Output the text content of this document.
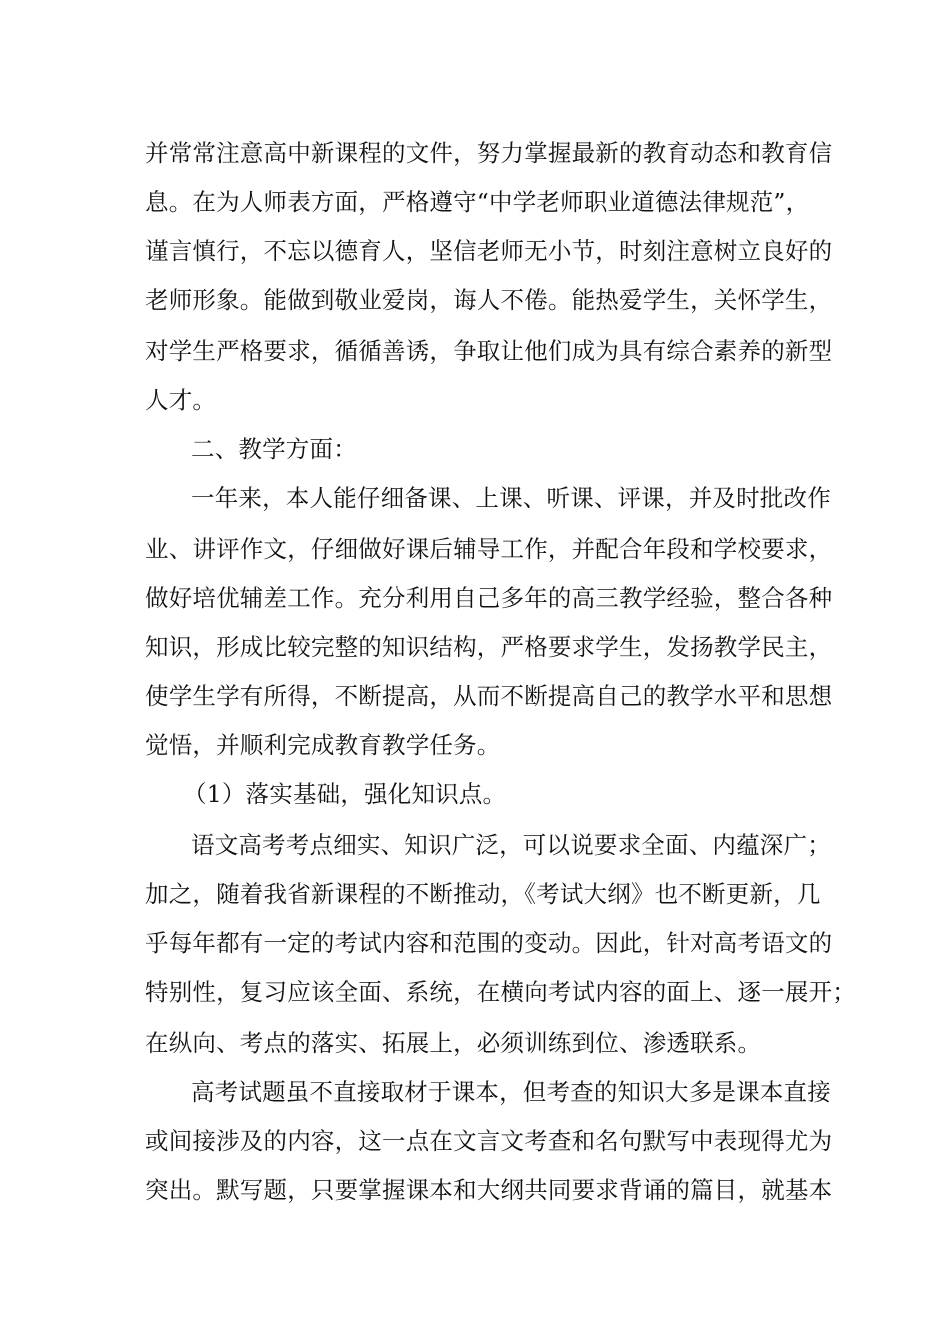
并常常注意高中新课程的文件，努力掌握最新的教育动态和教育信
息。在为人师表方面，严格遵守“中学老师职业道德法律规范”，
谨言慎行，不忘以德育人，坚信老师无小节，时刻注意树立良好的
老师形象。能做到敬业爱岗，诲人不倦。能热爱学生，关怀学生，
对学生严格要求，循循善诱，争取让他们成为具有综合素养的新型
人才。
二、教学方面：
一年来，本人能仔细备课、上课、听课、评课，并及时批改作
业、讲评作文，仔细做好课后辅导工作，并配合年段和学校要求，
做好培优辅差工作。充分利用自己多年的高三教学经验，整合各种
知识，形成比较完整的知识结构，严格要求学生，发扬教学民主，
使学生学有所得，不断提高，从而不断提高自己的教学水平和思想
觉悟，并顺利完成教育教学任务。
（1）落实基础，强化知识点。
语文高考考点细实、知识广泛，可以说要求全面、内蕴深广；
加之，随着我省新课程的不断推动，《考试大纲》也不断更新，几
乎每年都有一定的考试内容和范围的变动。因此，针对高考语文的
特别性，复习应该全面、系统，在横向考试内容的面上、逐一展开；
在纵向、考点的落实、拓展上，必须训练到位、渗透联系。
高考试题虽不直接取材于课本，但考查的知识大多是课本直接
或间接涉及的内容，这一点在文言文考查和名句默写中表现得尤为
突出。默写题，只要掌握课本和大纲共同要求背诵的篇目，就基本
